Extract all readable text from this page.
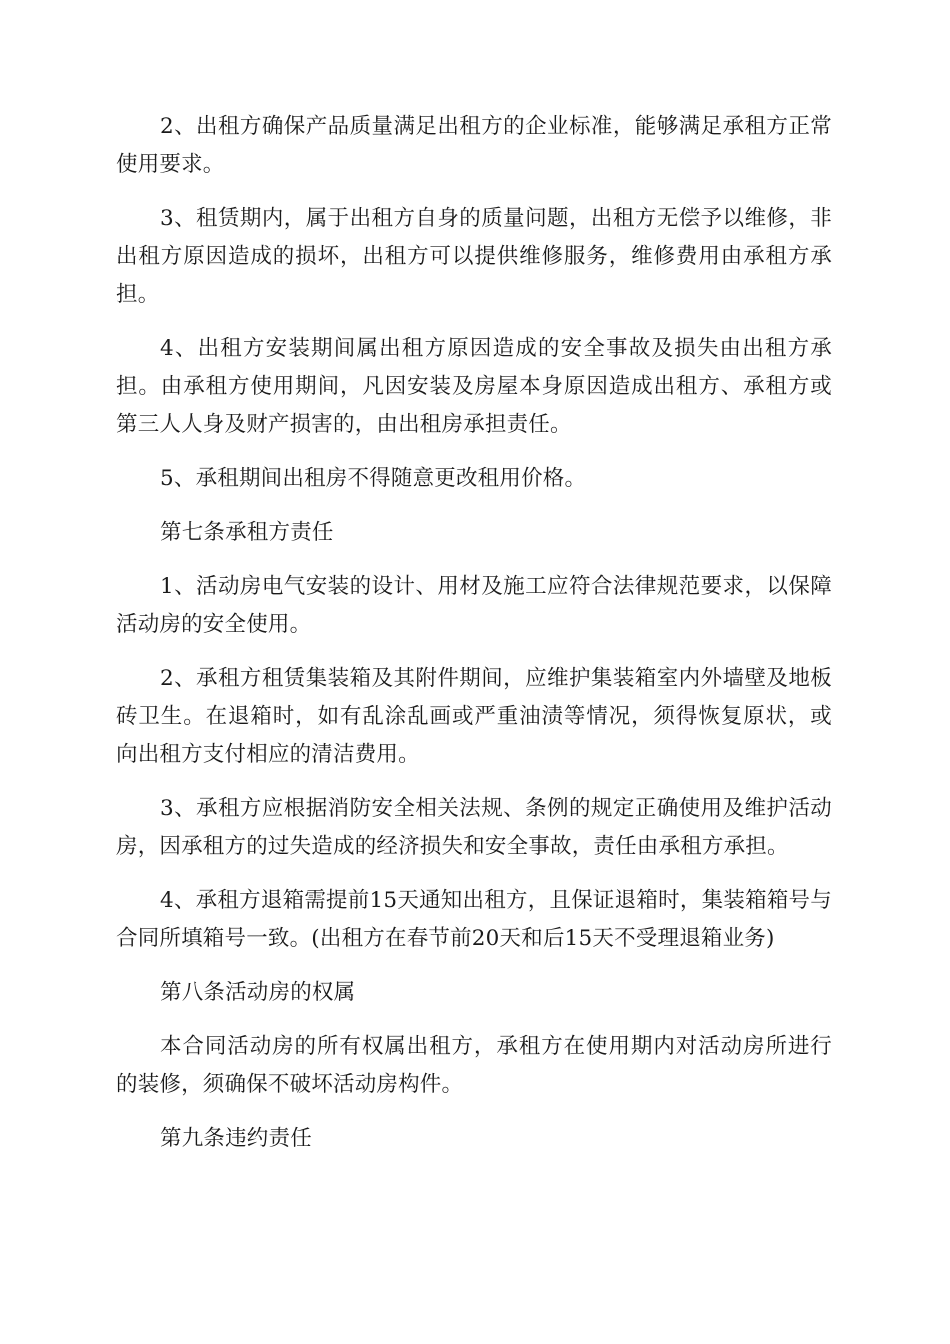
2、出租方确保产品质量满足出租方的企业标准，能够满足承租方正常使用要求。

3、租赁期内，属于出租方自身的质量问题，出租方无偿予以维修，非出租方原因造成的损坏，出租方可以提供维修服务，维修费用由承租方承担。

4、出租方安装期间属出租方原因造成的安全事故及损失由出租方承担。由承租方使用期间，凡因安装及房屋本身原因造成出租方、承租方或第三人人身及财产损害的，由出租房承担责任。

5、承租期间出租房不得随意更改租用价格。

第七条承租方责任

1、活动房电气安装的设计、用材及施工应符合法律规范要求，以保障活动房的安全使用。

2、承租方租赁集装箱及其附件期间，应维护集装箱室内外墙壁及地板砖卫生。在退箱时，如有乱涂乱画或严重油渍等情况，须得恢复原状，或向出租方支付相应的清洁费用。

3、承租方应根据消防安全相关法规、条例的规定正确使用及维护活动房，因承租方的过失造成的经济损失和安全事故，责任由承租方承担。

4、承租方退箱需提前15天通知出租方，且保证退箱时，集装箱箱号与合同所填箱号一致。(出租方在春节前20天和后15天不受理退箱业务)

第八条活动房的权属

本合同活动房的所有权属出租方，承租方在使用期内对活动房所进行的装修，须确保不破坏活动房构件。

第九条违约责任
